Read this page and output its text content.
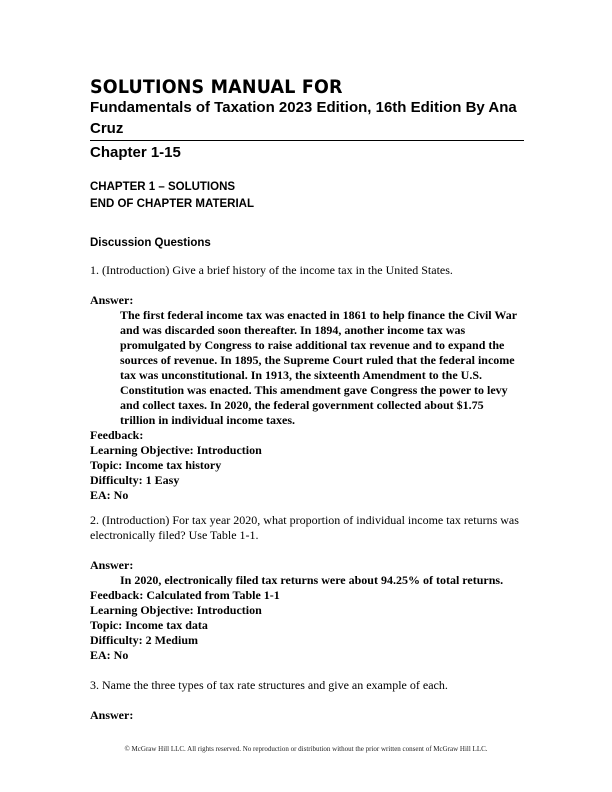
SOLUTIONS MANUAL FOR
Fundamentals of Taxation 2023 Edition, 16th Edition By Ana Cruz
Chapter 1-15
CHAPTER 1 – SOLUTIONS
END OF CHAPTER MATERIAL
Discussion Questions
1. (Introduction) Give a brief history of the income tax in the United States.
Answer:
The first federal income tax was enacted in 1861 to help finance the Civil War
and was discarded soon thereafter. In 1894, another income tax was
promulgated by Congress to raise additional tax revenue and to expand the
sources of revenue. In 1895, the Supreme Court ruled that the federal income
tax was unconstitutional. In 1913, the sixteenth Amendment to the U.S.
Constitution was enacted. This amendment gave Congress the power to levy
and collect taxes. In 2020, the federal government collected about $1.75
trillion in individual income taxes.
Feedback:
Learning Objective: Introduction
Topic: Income tax history
Difficulty: 1 Easy
EA: No
2. (Introduction) For tax year 2020, what proportion of individual income tax returns was
electronically filed? Use Table 1-1.
Answer:
In 2020, electronically filed tax returns were about 94.25% of total returns.
Feedback: Calculated from Table 1-1
Learning Objective: Introduction
Topic: Income tax data
Difficulty: 2 Medium
EA: No
3. Name the three types of tax rate structures and give an example of each.
Answer:
© McGraw Hill LLC. All rights reserved. No reproduction or distribution without the prior written consent of McGraw Hill LLC.
